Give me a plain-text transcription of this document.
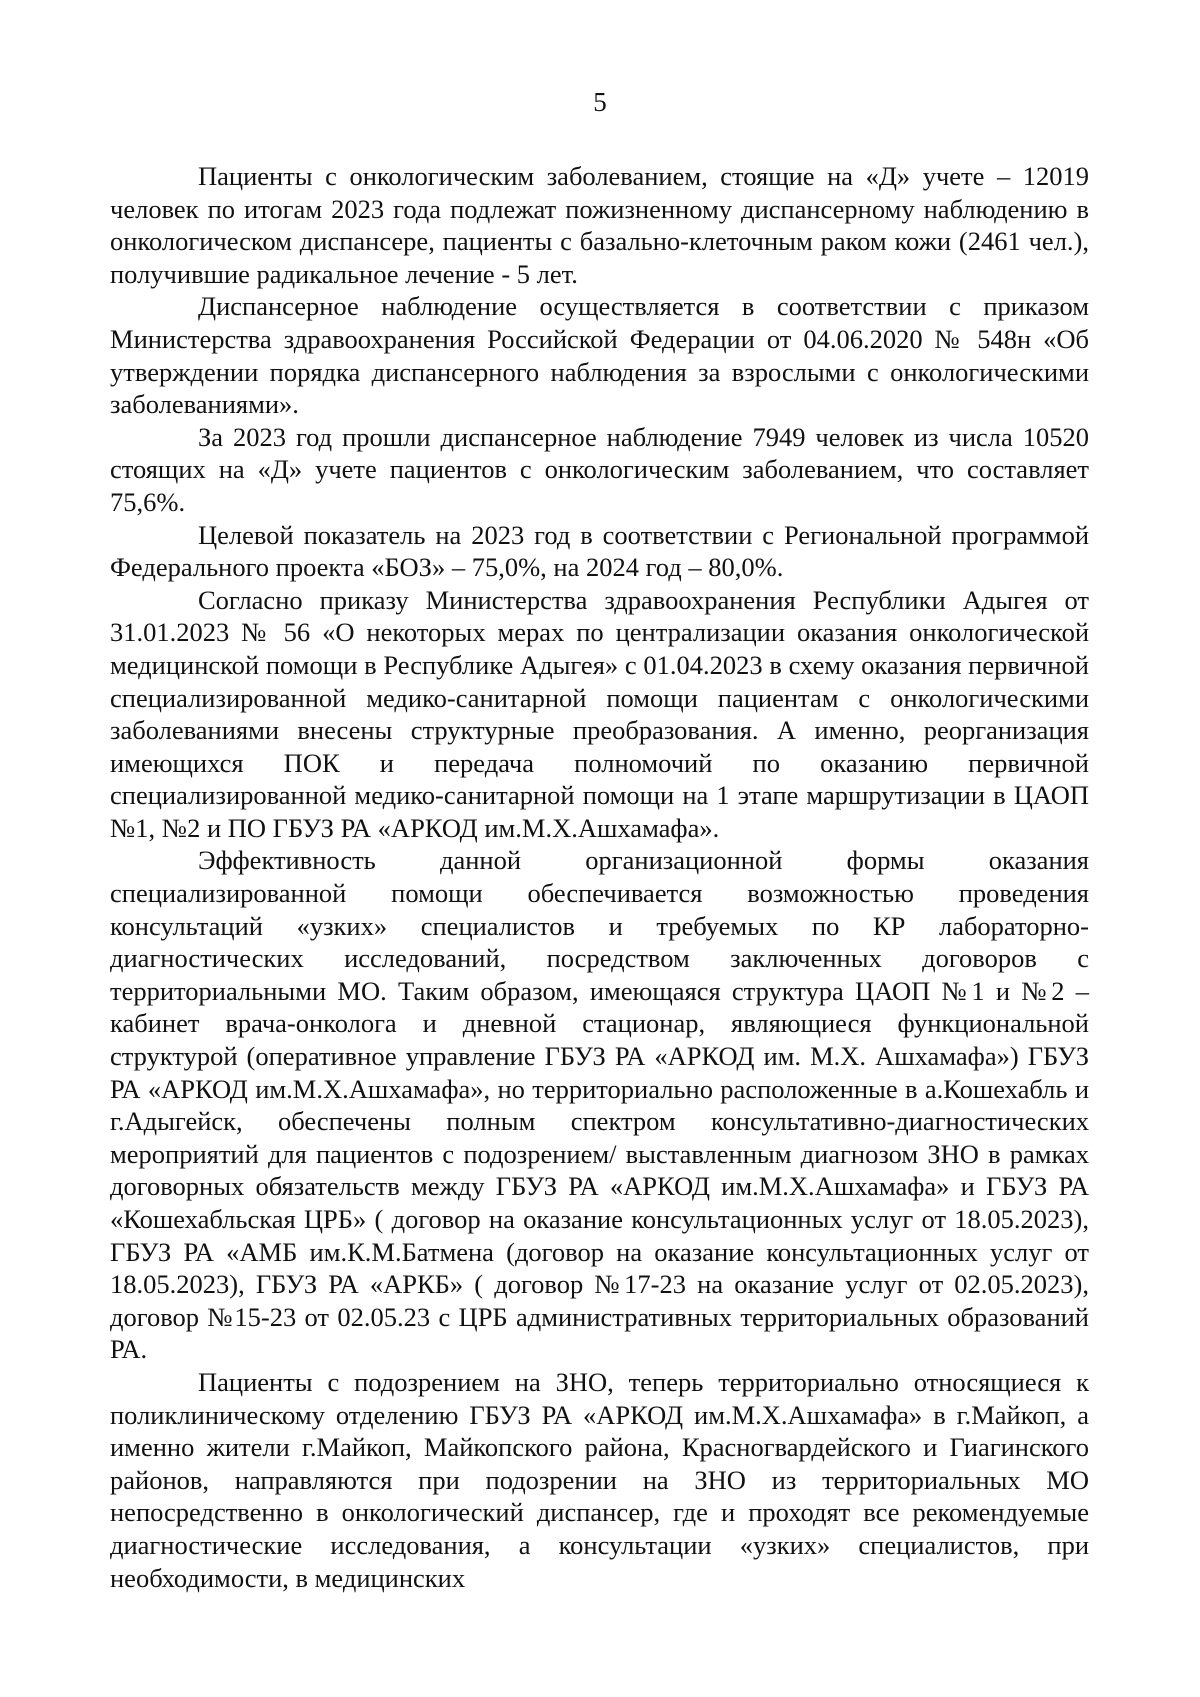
5

Пациенты с онкологическим заболеванием, стоящие на «Д» учете – 12019 человек по итогам 2023 года подлежат пожизненному диспансерному наблюдению в онкологическом диспансере, пациенты с базально-клеточным раком кожи (2461 чел.), получившие радикальное лечение - 5 лет.

Диспансерное наблюдение осуществляется в соответствии с приказом Министерства здравоохранения Российской Федерации от 04.06.2020 № 548н «Об утверждении порядка диспансерного наблюдения за взрослыми с онкологическими заболеваниями».

За 2023 год прошли диспансерное наблюдение 7949 человек из числа 10520 стоящих на «Д» учете пациентов с онкологическим заболеванием, что составляет 75,6%.

Целевой показатель на 2023 год в соответствии с Региональной программой Федерального проекта «БОЗ» – 75,0%, на 2024 год – 80,0%.

Согласно приказу Министерства здравоохранения Республики Адыгея от 31.01.2023 № 56 «О некоторых мерах по централизации оказания онкологической медицинской помощи в Республике Адыгея» с 01.04.2023 в схему оказания первичной специализированной медико-санитарной помощи пациентам с онкологическими заболеваниями внесены структурные преобразования. А именно, реорганизация имеющихся ПОК и передача полномочий по оказанию первичной специализированной медико-санитарной помощи на 1 этапе маршрутизации в ЦАОП №1, №2 и ПО ГБУЗ РА «АРКОД им.М.Х.Ашхамафа».

Эффективность данной организационной формы оказания специализированной помощи обеспечивается возможностью проведения консультаций «узких» специалистов и требуемых по КР лабораторно-диагностических исследований, посредством заключенных договоров с территориальными МО. Таким образом, имеющаяся структура ЦАОП №1 и №2 – кабинет врача-онколога и дневной стационар, являющиеся функциональной структурой (оперативное управление ГБУЗ РА «АРКОД им. М.Х. Ашхамафа») ГБУЗ РА «АРКОД им.М.Х.Ашхамафа», но территориально расположенные в а.Кошехабль и г.Адыгейск, обеспечены полным спектром консультативно-диагностических мероприятий для пациентов с подозрением/ выставленным диагнозом ЗНО в рамках договорных обязательств между ГБУЗ РА «АРКОД им.М.Х.Ашхамафа» и ГБУЗ РА «Кошехабльская ЦРБ» ( договор на оказание консультационных услуг от 18.05.2023), ГБУЗ РА «АМБ им.К.М.Батмена (договор на оказание консультационных услуг от 18.05.2023), ГБУЗ РА «АРКБ» ( договор №17-23 на оказание услуг от 02.05.2023), договор №15-23 от 02.05.23 с ЦРБ административных территориальных образований РА.

Пациенты с подозрением на ЗНО, теперь территориально относящиеся к поликлиническому отделению ГБУЗ РА «АРКОД им.М.Х.Ашхамафа» в г.Майкоп, а именно жители г.Майкоп, Майкопского района, Красногвардейского и Гиагинского районов, направляются при подозрении на ЗНО из территориальных МО непосредственно в онкологический диспансер, где и проходят все рекомендуемые диагностические исследования, а консультации «узких» специалистов, при необходимости, в медицинских
